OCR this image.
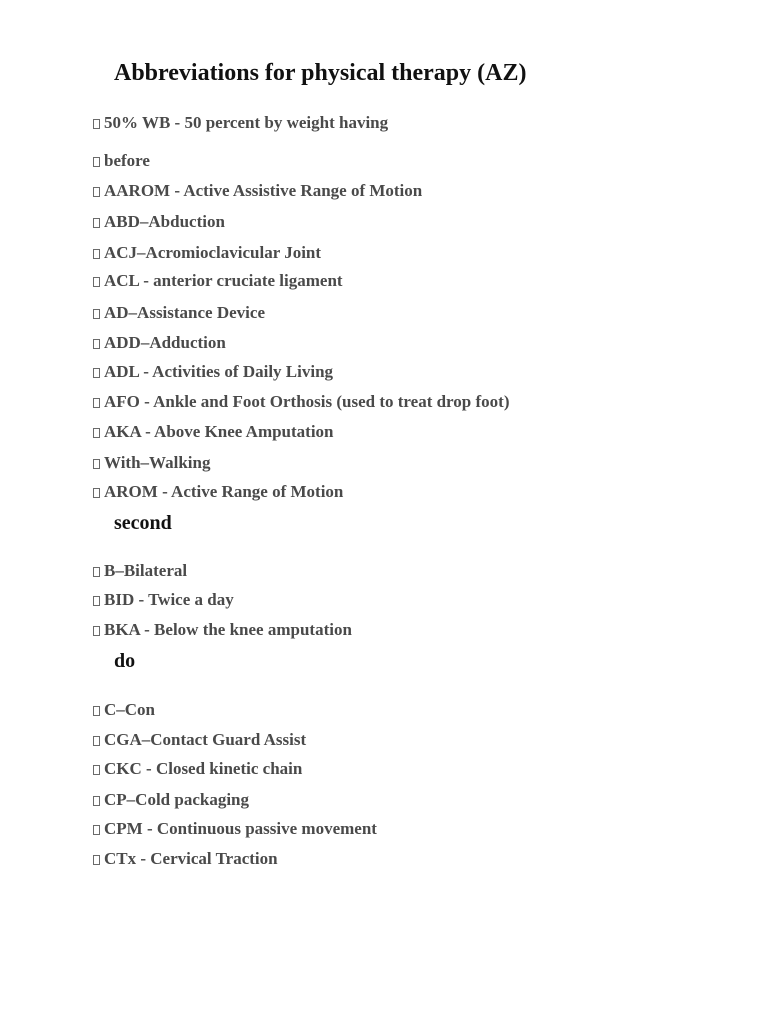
Abbreviations for physical therapy (AZ)
50% WB - 50 percent by weight having
before
AAROM - Active Assistive Range of Motion
ABD–Abduction
ACJ–Acromioclavicular Joint
ACL - anterior cruciate ligament
AD–Assistance Device
ADD–Adduction
ADL - Activities of Daily Living
AFO - Ankle and Foot Orthosis (used to treat drop foot)
AKA - Above Knee Amputation
With–Walking
AROM - Active Range of Motion
second
B–Bilateral
BID - Twice a day
BKA - Below the knee amputation
do
C–Con
CGA–Contact Guard Assist
CKC - Closed kinetic chain
CP–Cold packaging
CPM - Continuous passive movement
CTx - Cervical Traction
